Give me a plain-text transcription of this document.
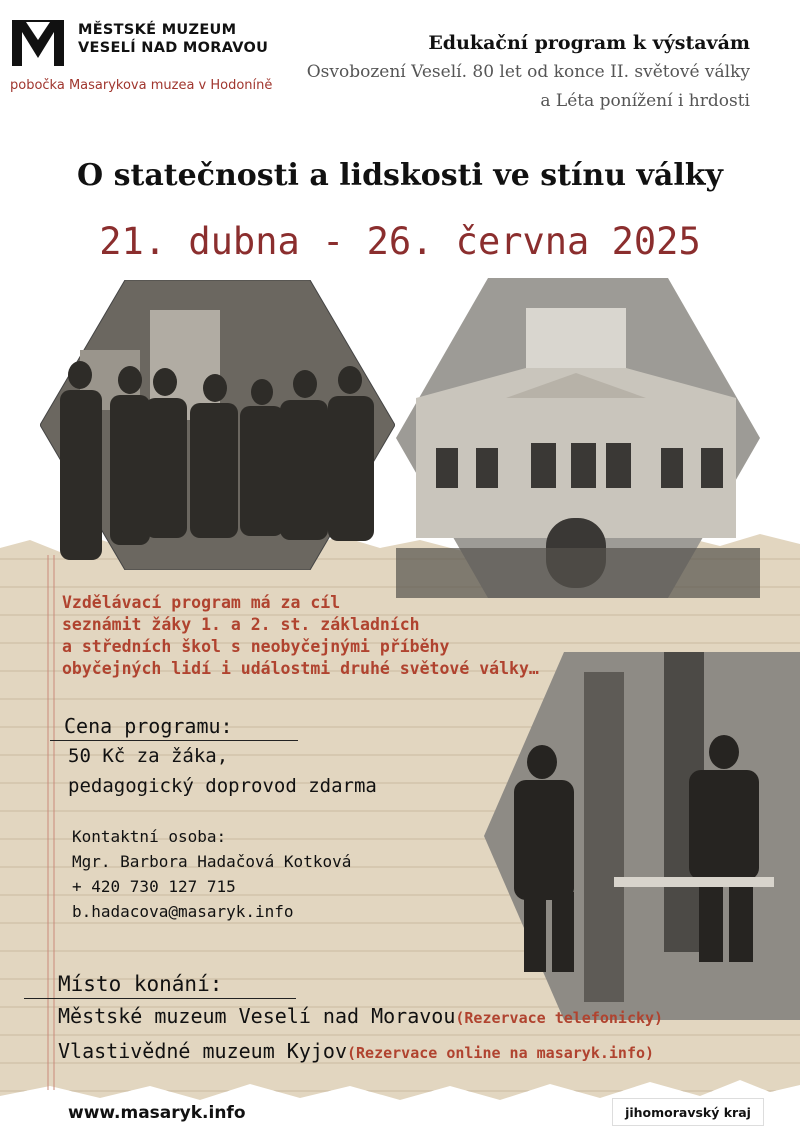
MĚSTSKÉ MUZEUM
VESELÍ NAD MORAVOU
pobočka Masarykova muzea v Hodoníně
Edukační program k výstavám
Osvobození Veselí. 80 let od konce II. světové války
a Léta ponížení i hrdosti
O statečnosti a lidskosti ve stínu války
21. dubna - 26. června 2025
Vzdělávací program má za cíl
seznámit žáky 1. a 2. st. základních
a středních škol s neobyčejnými příběhy
obyčejných lidí i událostmi druhé světové války…
Cena programu:
50 Kč za žáka,
pedagogický doprovod zdarma
Kontaktní osoba:
Mgr. Barbora Hadačová Kotková
+ 420 730 127 715
b.hadacova@masaryk.info
Místo konání:
Městské muzeum Veselí nad Moravou(Rezervace telefonicky)
Vlastivědné muzeum Kyjov(Rezervace online na masaryk.info)
www.masaryk.info	jihomoravský kraj
